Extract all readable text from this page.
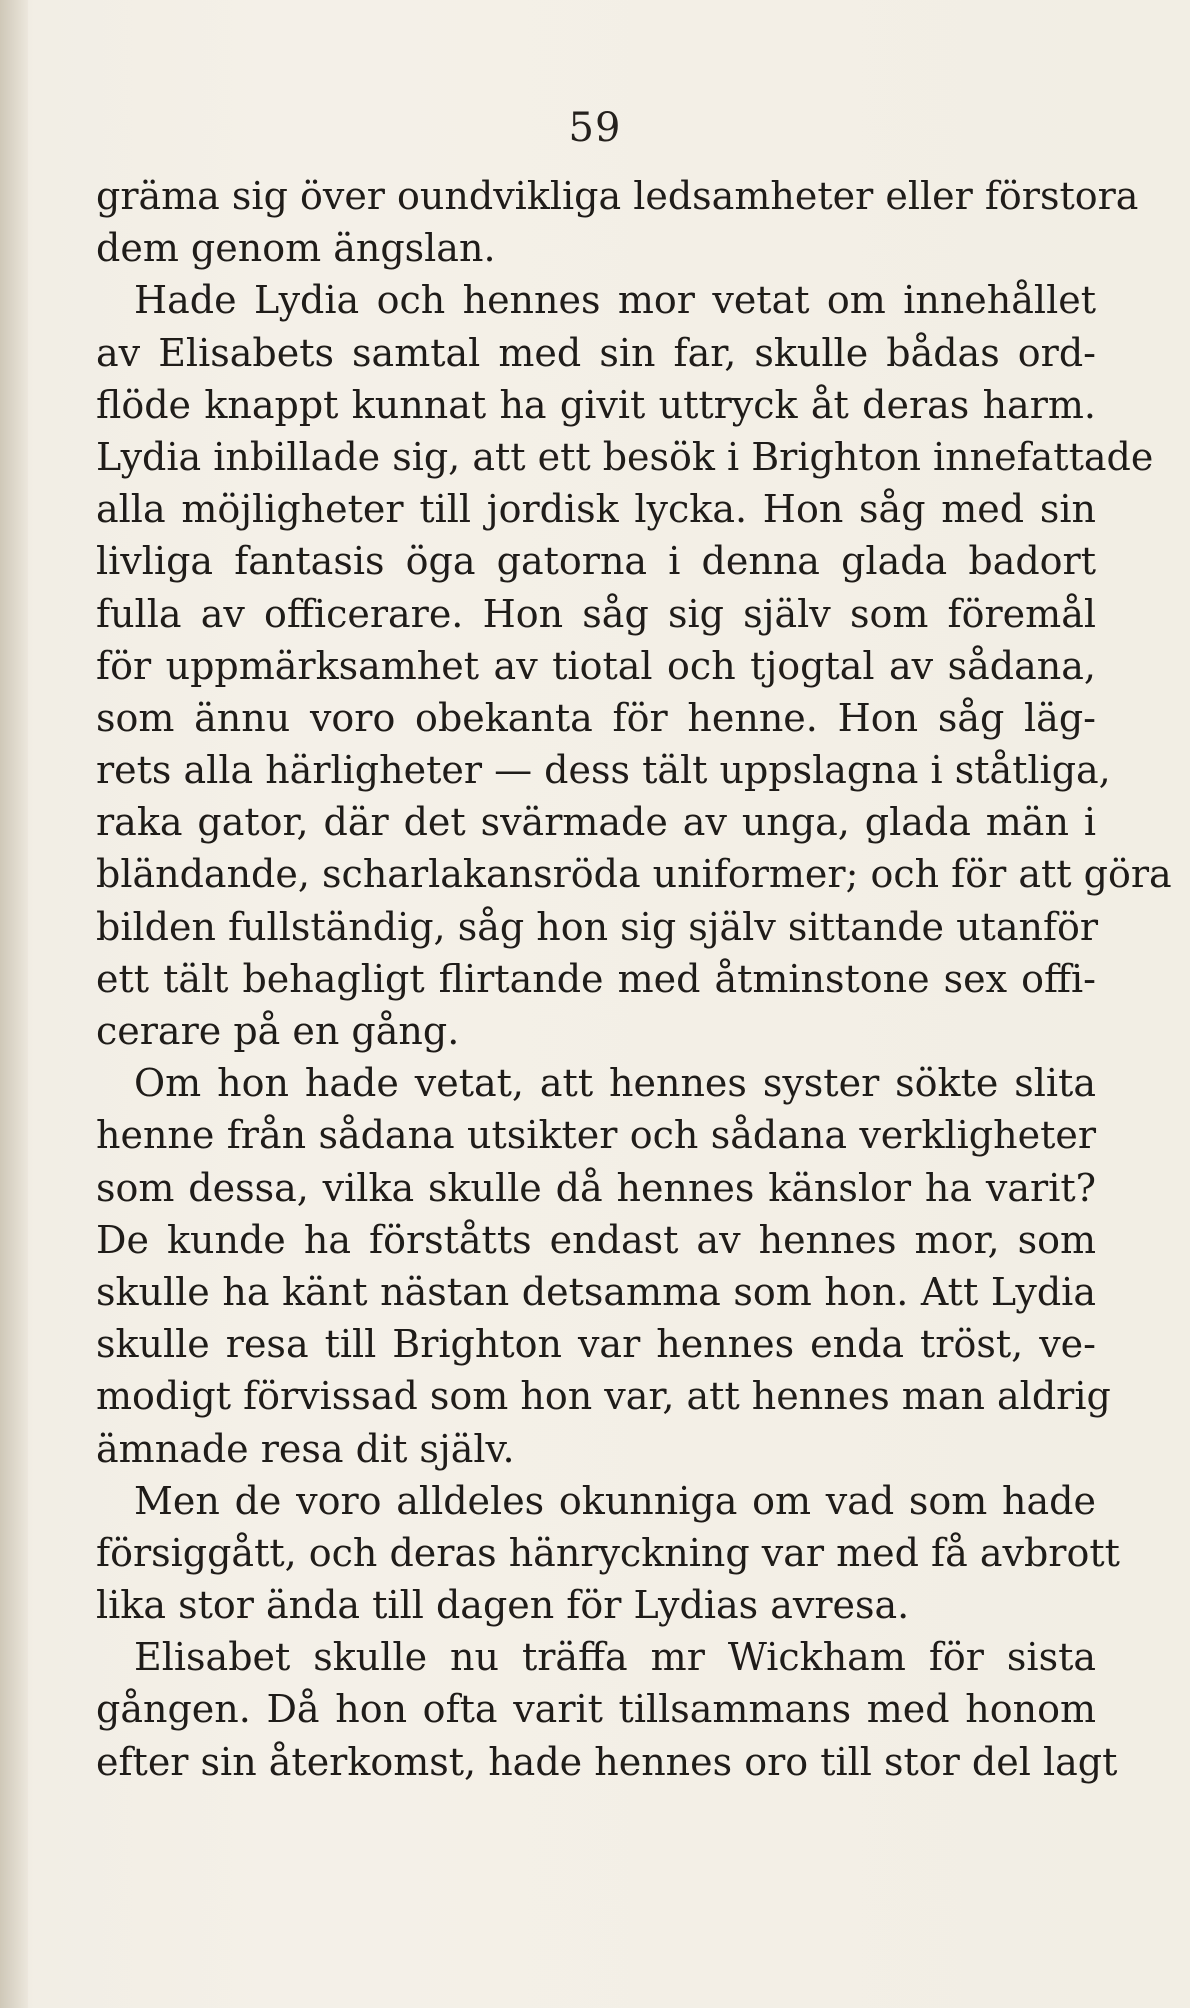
59
gräma sig över oundvikliga ledsamheter eller förstora
dem genom ängslan.
Hade Lydia och hennes mor vetat om innehållet
av Elisabets samtal med sin far, skulle bådas ord-
flöde knappt kunnat ha givit uttryck åt deras harm.
Lydia inbillade sig, att ett besök i Brighton innefattade
alla möjligheter till jordisk lycka. Hon såg med sin
livliga fantasis öga gatorna i denna glada badort
fulla av officerare. Hon såg sig själv som föremål
för uppmärksamhet av tiotal och tjogtal av sådana,
som ännu voro obekanta för henne. Hon såg läg-
rets alla härligheter — dess tält uppslagna i ståtliga,
raka gator, där det svärmade av unga, glada män i
bländande, scharlakansröda uniformer; och för att göra
bilden fullständig, såg hon sig själv sittande utanför
ett tält behagligt flirtande med åtminstone sex offi-
cerare på en gång.
Om hon hade vetat, att hennes syster sökte slita
henne från sådana utsikter och sådana verkligheter
som dessa, vilka skulle då hennes känslor ha varit?
De kunde ha förståtts endast av hennes mor, som
skulle ha känt nästan detsamma som hon. Att Lydia
skulle resa till Brighton var hennes enda tröst, ve-
modigt förvissad som hon var, att hennes man aldrig
ämnade resa dit själv.
Men de voro alldeles okunniga om vad som hade
försiggått, och deras hänryckning var med få avbrott
lika stor ända till dagen för Lydias avresa.
Elisabet skulle nu träffa mr Wickham för sista
gången. Då hon ofta varit tillsammans med honom
efter sin återkomst, hade hennes oro till stor del lagt
